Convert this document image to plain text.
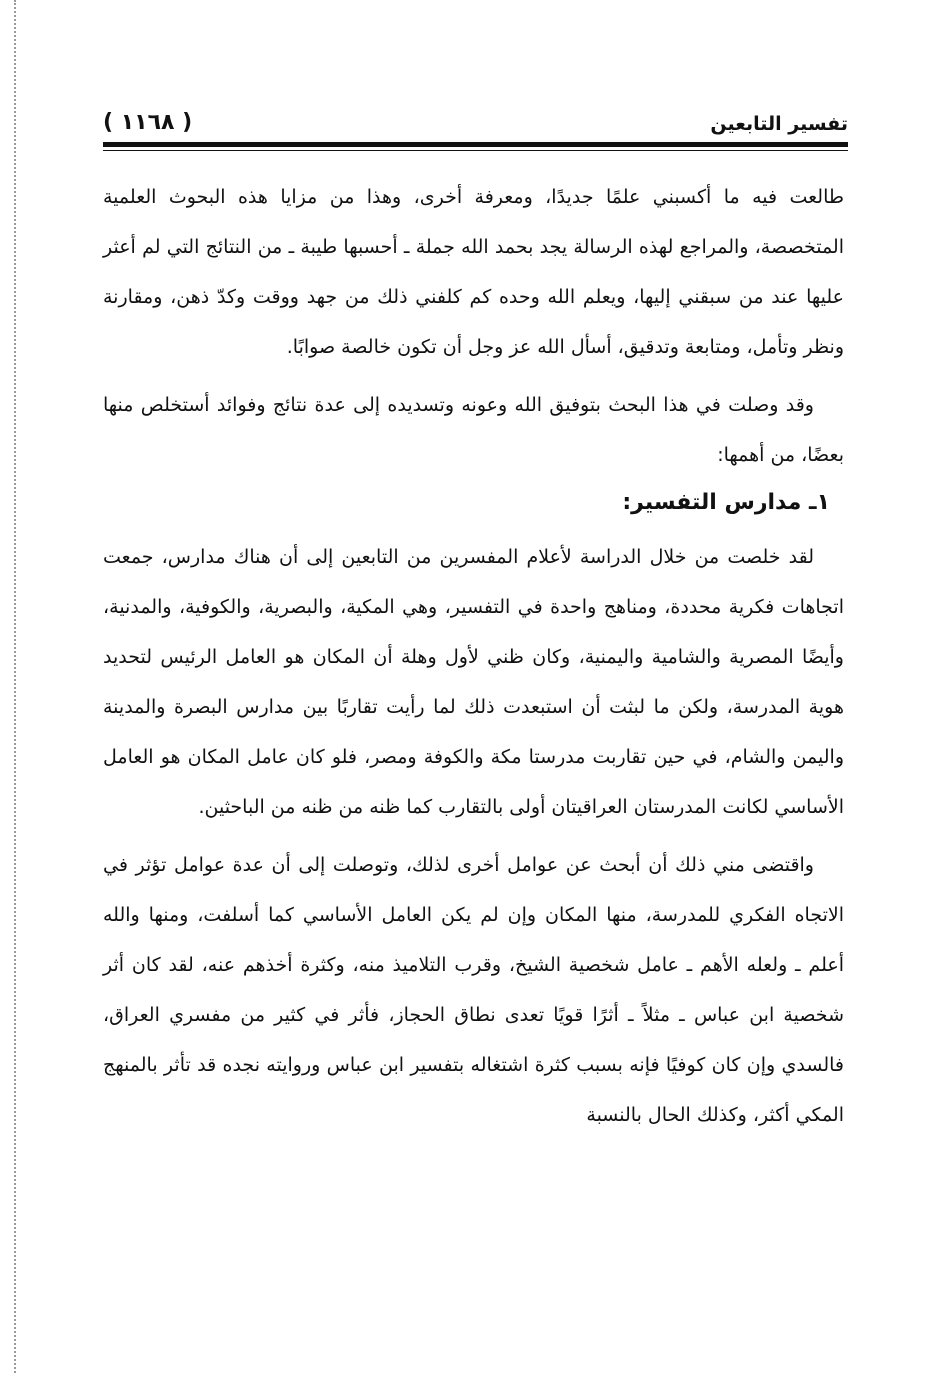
تفسير التابعين
( ١١٦٨ )

طالعت فيه ما أكسبني علمًا جديدًا، ومعرفة أخرى، وهذا من مزايا هذه البحوث العلمية المتخصصة، والمراجع لهذه الرسالة يجد بحمد الله جملة ـ أحسبها طيبة ـ من النتائج التي لم أعثر عليها عند من سبقني إليها، ويعلم الله وحده كم كلفني ذلك من جهد ووقت وكدّ ذهن، ومقارنة ونظر وتأمل، ومتابعة وتدقيق، أسأل الله عز وجل أن تكون خالصة صوابًا.

وقد وصلت في هذا البحث بتوفيق الله وعونه وتسديده إلى عدة نتائج وفوائد أستخلص منها بعضًا، من أهمها:

١ـ مدارس التفسير:

لقد خلصت من خلال الدراسة لأعلام المفسرين من التابعين إلى أن هناك مدارس، جمعت اتجاهات فكرية محددة، ومناهج واحدة في التفسير، وهي المكية، والبصرية، والكوفية، والمدنية، وأيضًا المصرية والشامية واليمنية، وكان ظني لأول وهلة أن المكان هو العامل الرئيس لتحديد هوية المدرسة، ولكن ما لبثت أن استبعدت ذلك لما رأيت تقاربًا بين مدارس البصرة والمدينة واليمن والشام، في حين تقاربت مدرستا مكة والكوفة ومصر، فلو كان عامل المكان هو العامل الأساسي لكانت المدرستان العراقيتان أولى بالتقارب كما ظنه من ظنه من الباحثين.

واقتضى مني ذلك أن أبحث عن عوامل أخرى لذلك، وتوصلت إلى أن عدة عوامل تؤثر في الاتجاه الفكري للمدرسة، منها المكان وإن لم يكن العامل الأساسي كما أسلفت، ومنها والله أعلم ـ ولعله الأهم ـ عامل شخصية الشيخ، وقرب التلاميذ منه، وكثرة أخذهم عنه، لقد كان أثر شخصية ابن عباس ـ مثلاً ـ أثرًا قويًا تعدى نطاق الحجاز، فأثر في كثير من مفسري العراق، فالسدي وإن كان كوفيًا فإنه بسبب كثرة اشتغاله بتفسير ابن عباس وروايته نجده قد تأثر بالمنهج المكي أكثر، وكذلك الحال بالنسبة
